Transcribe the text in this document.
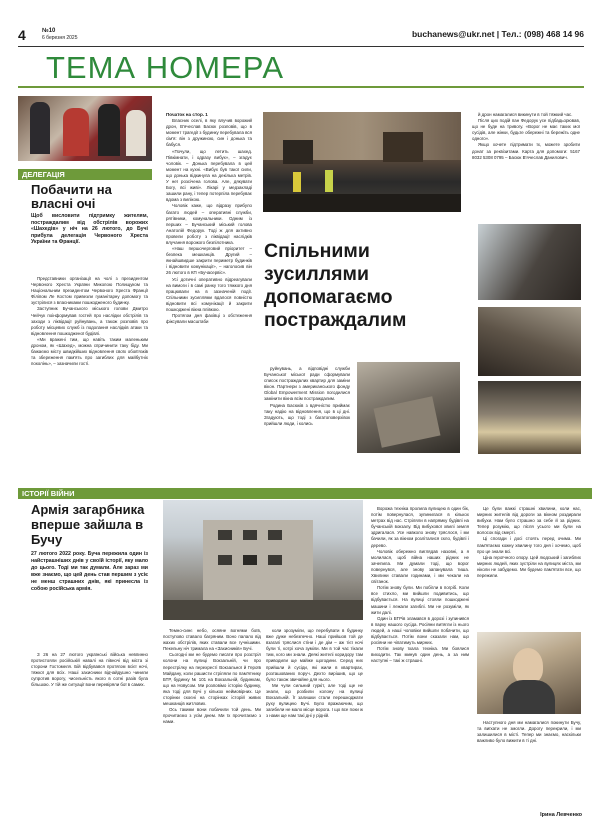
4	№10
6 березня 2025	buchanews@ukr.net | Тел.: (098) 468 14 96
ТЕМА НОМЕРА
ДЕЛЕГАЦІЯ
Побачити на власні очі
Щоб висловити підтримку жителям, постраждалим від обстрілів ворожих «Шахедів» у ніч на 26 лютого, до Бучі прибула делегація Червоного Хреста України та Франції.

Представники організації на чолі з президентом Червоного Хреста України Миколою Полищуком та Національним президентом Червоного Хреста Франції Філіпом Ле Костом привезли гуманітарну допомогу та зустрілися з власниками пошкодженого будинку.

Заступник Бучанського міського голови Дмитро Чейчук поінформував гостей про наслідки обстрілів та заходи з ліквідації руйнувань, а також розповів про роботу місцевих служб із подолання наслідків атаки та відновлення пошкодженої будівлі.

«Ми вражені тим, що навіть таким маленьким дроном, як «Шахед», можна спричинити таку біду. Ми бажаємо місту швидкійших відновлення своїх обов'язків та збереження пам'ять про загиблих для майбутніх поколінь», – зазначили гості.

Початок на стор. 1

Власник оселі, в яку влучив ворожий дрон, В'ячеслав Басюк розповів, що в момент трагедії з будинку перебувала вся сім'я: він з дружиною, син і донька та бабуся.

«Почули, що летить шахед. Півкімнати, і одразу вибух», – згадує чоловік. – Донька перебувала в цей момент на кухні. «Вибух був такої сили, що донька відкинула на декілька метрів. У неї розсічена голова. Але, дякувати Богу, всі живі». Лікарі у медзакладі зашили рану, і тепер потерпіла перебуває вдома з вилікою.

Чоловік каже, що відразу прибуло багато людей – оперативні служби, рятівники, комунальники. Одним із перших – Бучанський міський голова Анатолій Федорук. Тоді ж для активно провели роботу з ліквідації наслідків влучання ворожого безпілотника.

«Наш першочерговий пріоритет – безпека мешканців. Другий – якнайшвидше закрити периметр будинків і відновити комунікації», – наголосив він 26 лютого в КП «Бучасервіс».

Усі дотичні оперативно відреагували на вимоги і в самі ранку того тяжкого дня працювали на в зазначеній події. Спільними зусиллями вдалося повністю відновити всі комунікації й закрити пошкоджені вікна плівкою.

Протягом дня фахівці з обстеження фіксували масштаби

Спільними зусиллями допомагаємо постраждалим

руйнувань, а відповідні служби Бучанської міської ради сформували список постраждалих квартир для заміни вікон. Партнери з американського фонду Global Empowerment Mission погодилися замінити вікна всім постраждалим.

Родина Басюків з вдячністю приймає таку надію на відновлення, що в ці дні. Згадують, що тоді з багатоповерхівок прийшли люди, і колись

й дрон намагалися викинути в той тяжкий час.

Після цих подій пан Федорук усе підбадьорював, що не буде на тривогу. «Ворог не має таких мої сусідів, але жінки, будьте обережні та бережіть одне одного».

Якщо хочете підтримати їх, можете зробити донат за реквізитами. Карта для допомоги: 5167 8032 5308 0795 – Басюк В'ячеслав Данилович.

ІСТОРІЇ ВІЙНИ
Армія загарбника вперше зайшла в Бучу
27 лютого 2022 року. Буча пережила один із найстрашніших днів у своїй історії, яку мало до цього. Тоді ми так думали. Але зараз ми вже знаємо, що цей день став першим з усіє не менш страшних днів, які принесла із собою російська армія.

З 26 на 27 лютого українські війська невпинно протистояли російській навалі на півночі від міста зі сторони Гостомеля. Бій відбувався протягом всієї ночі, тяжкої для всіх. Наші захисники відчайдушно чинили супротив ворогу, чисельність якого в сотні разів була більшою. У тій же ситуації вони перевіряли бої в самих.

Темно-синє небо, осяяне вогнями боїв, поступово ставало багряним. Воно палало від жахих обстрілів, яких ставали все гучнішими. Пекельну ніч тримала на «Захисників» Бучі.

Сьогодні ми не будемо писати про розстріл колони на вулиці Вокзальній, чи про перестрілку на перехресті Вокзальної й Героїв Майдану, коли рашисти стріляли по пам'ятнику БТР, будинку № 101 на Вокзальній, будинкам, що на Новусом. Ми розповімо історію будинку, яка тоді для Бучі у кількох неймовірних. Це сторінки скоєні на сторінках історій живих мешканців житлових.

Ось такими вони побачили той день. Ми прочитаємо з усім днем. Ми їх прочитаємо з нами.

коли зрозуміли, що перебувати в будинку вже дуже небезпечно. Наші прийшов той де взагалі тряслися стіни і де дім – аж тієї ночі були ті, котрі хоча зуміли. Ми в той час тікали тим, кого ми знали. Деякі жителі коридору там приводили ще майже щогодини. Серед них прийшли й сусіди, які жили в квартирах, розташованих поруч. Дехто вирішив, що це було також звичайне для нього.

Ми чули сильний гуркіт, але тоді ще не знали, що розбили колону на вулиці Вокзальній. Її залишки стали перешкоджати руху вулицею Бучі. Було вражаючим, що загибели не мало місце ворога. І що все поки ж з нами ще нам такі дні у рідній.

Ворожа техніка пролила вулицею в один бік, потім повернулася, зупинилася в кількох метрах від нас. Стріляли в напрямку будівлі на бучанській вокзалу. Від вибухової хвилі земля здригалася. Усе навколо знову тряслося, і ми бачили, як за вікном розліталися скло, будівлі і дерево.

Чоловік обережно виглядав назовні, а я молилася, щоб війна наших рідних не зачепила. Ми думали тоді, що ворог повернувся, але знову запанувала тиша. Хвилини ставали годинами, і ми чекали на світанок.

Потім знову були. Ми побігли в погріб. Коли все стихло, ми вийшли подивитись, що відбувається. На вулиці стояли пошкоджені машини і лежали загиблі. Ми не розуміли, як жити далі.

Один із БТРів зламався в дорозі і зупинився в парку нашого сусіда. Росіяни витягли із нього людей, а наші чоловіки вийшли побачити, що відбувається. Потім вони сказали нам, що росіяни не чіпатимуть мирних.

Потім знову їхала техніка. Ми боялися виходити. Так минув один день, а за ним наступні – такі ж страшні.

Це були важкі страшні хвилини, коли нас, мирних жителів від дороги за вікном роздирали вибухи. Нам було страшно за себе й за рідних. Тепер розумію, що після усього ми були на волосок від смерті.

Ці спогади і досі стоять перед очима. Ми пам'ятаємо кожну хвилину того дня і хочемо, щоб про це знали всі.

Ціна героїчного опору. Цей людський і загиблих мирних людей, яких зустріли на вулицях міста, ми ніколи не забудемо. Ми будемо пам'ятати все, що пережили.

Наступного дня ми намагалися покинути Бучу, та виїхати не змогли. Дорогу перекрили, і ми залишилися в місті. Тепер ми знаємо, наскільки важливо було вижити в ті дні.

Ірина Левченко
